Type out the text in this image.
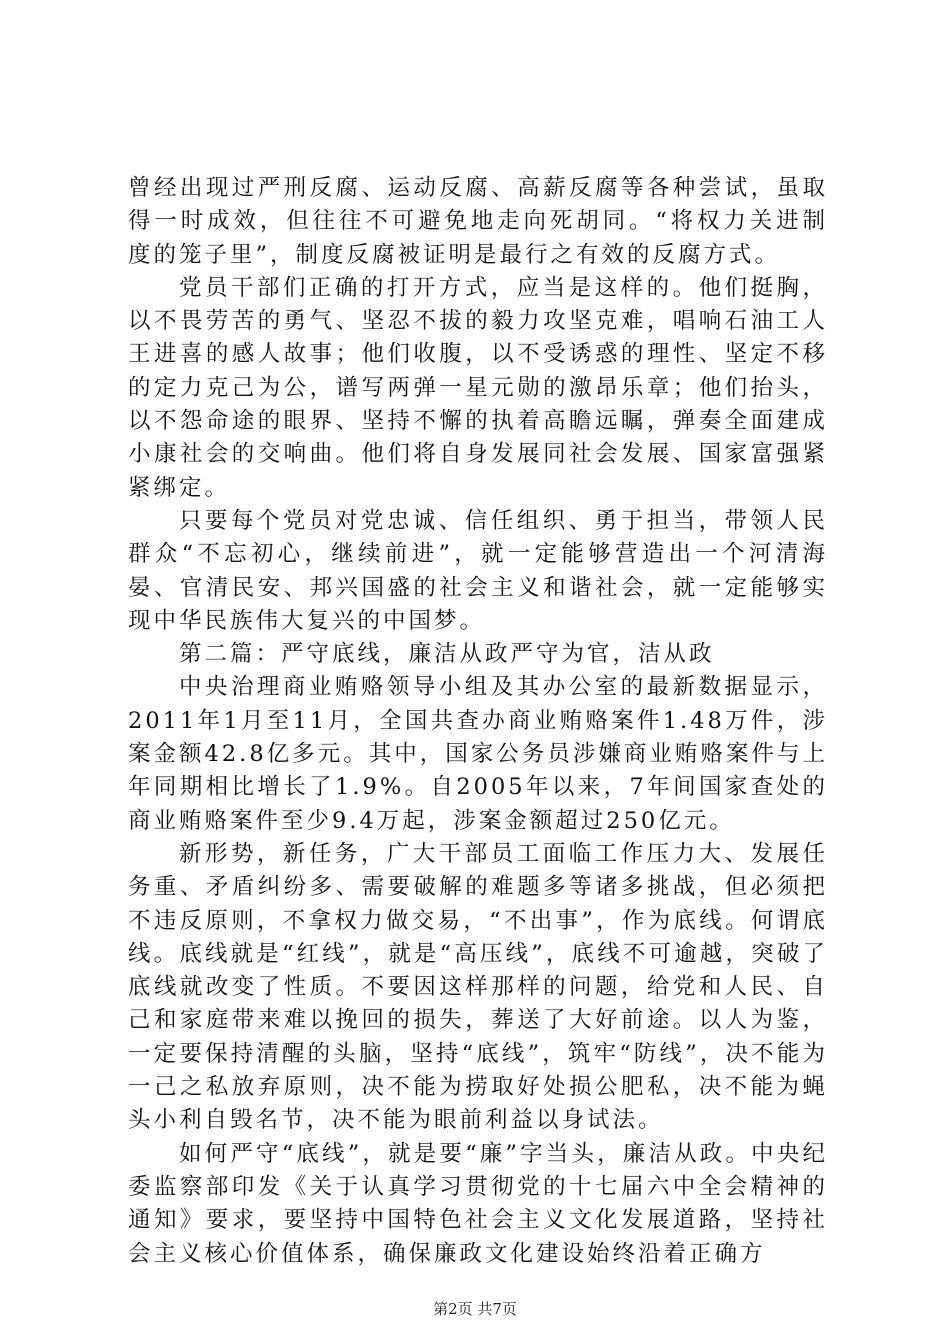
曾经出现过严刑反腐、运动反腐、高薪反腐等各种尝试，虽取得一时成效，但往往不可避免地走向死胡同。“将权力关进制度的笼子里”，制度反腐被证明是最行之有效的反腐方式。

党员干部们正确的打开方式，应当是这样的。他们挺胸，以不畏劳苦的勇气、坚忍不拔的毅力攻坚克难，唱响石油工人王进喜的感人故事；他们收腹，以不受诱惑的理性、坚定不移的定力克己为公，谱写两弹一星元勋的激昂乐章；他们抬头，以不怨命途的眼界、坚持不懈的执着高瞻远瞩，弹奏全面建成小康社会的交响曲。他们将自身发展同社会发展、国家富强紧紧绑定。

只要每个党员对党忠诚、信任组织、勇于担当，带领人民群众“不忘初心，继续前进”，就一定能够营造出一个河清海晏、官清民安、邦兴国盛的社会主义和谐社会，就一定能够实现中华民族伟大复兴的中国梦。

第二篇：严守底线，廉洁从政严守为官，洁从政

中央治理商业贿赂领导小组及其办公室的最新数据显示，2011年1月至11月，全国共查办商业贿赂案件1.48万件，涉案金额42.8亿多元。其中，国家公务员涉嫌商业贿赂案件与上年同期相比增长了1.9%。自2005年以来，7年间国家查处的商业贿赂案件至少9.4万起，涉案金额超过250亿元。

新形势，新任务，广大干部员工面临工作压力大、发展任务重、矛盾纠纷多、需要破解的难题多等诸多挑战，但必须把不违反原则，不拿权力做交易，“不出事”，作为底线。何谓底线。底线就是“红线”，就是“高压线”，底线不可逾越，突破了底线就改变了性质。不要因这样那样的问题，给党和人民、自己和家庭带来难以挽回的损失，葬送了大好前途。以人为鉴，一定要保持清醒的头脑，坚持“底线”，筑牢“防线”，决不能为一己之私放弃原则，决不能为捞取好处损公肥私，决不能为蝇头小利自毁名节，决不能为眼前利益以身试法。

如何严守“底线”，就是要“廉”字当头，廉洁从政。中央纪委监察部印发《关于认真学习贯彻党的十七届六中全会精神的通知》要求，要坚持中国特色社会主义文化发展道路，坚持社会主义核心价值体系，确保廉政文化建设始终沿着正确方

第2页 共7页
